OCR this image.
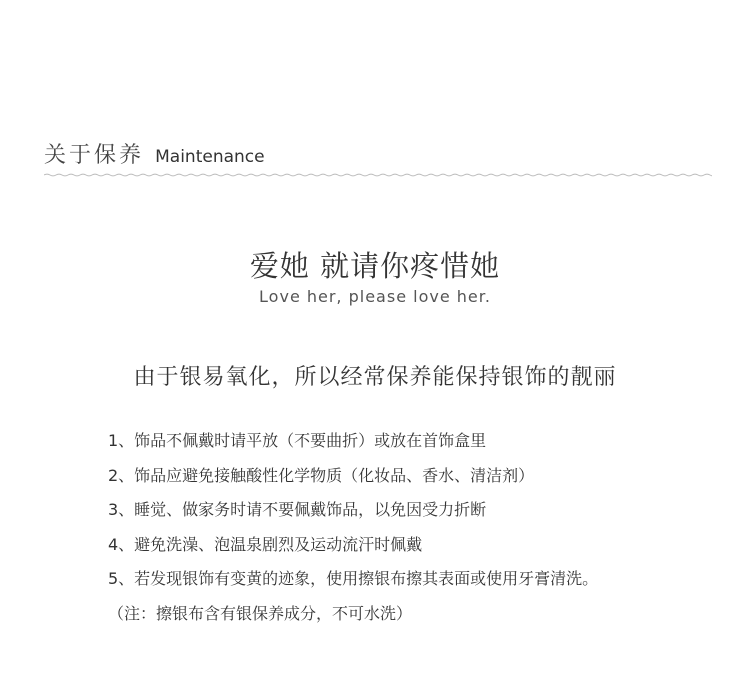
关于保养 Maintenance
爱她 就请你疼惜她
Love her, please love her.
由于银易氧化，所以经常保养能保持银饰的靓丽
1、饰品不佩戴时请平放（不要曲折）或放在首饰盒里
2、饰品应避免接触酸性化学物质（化妆品、香水、清洁剂）
3、睡觉、做家务时请不要佩戴饰品，以免因受力折断
4、避免洗澡、泡温泉剧烈及运动流汗时佩戴
5、若发现银饰有变黄的迹象，使用擦银布擦其表面或使用牙膏清洗。
（注：擦银布含有银保养成分，不可水洗）
